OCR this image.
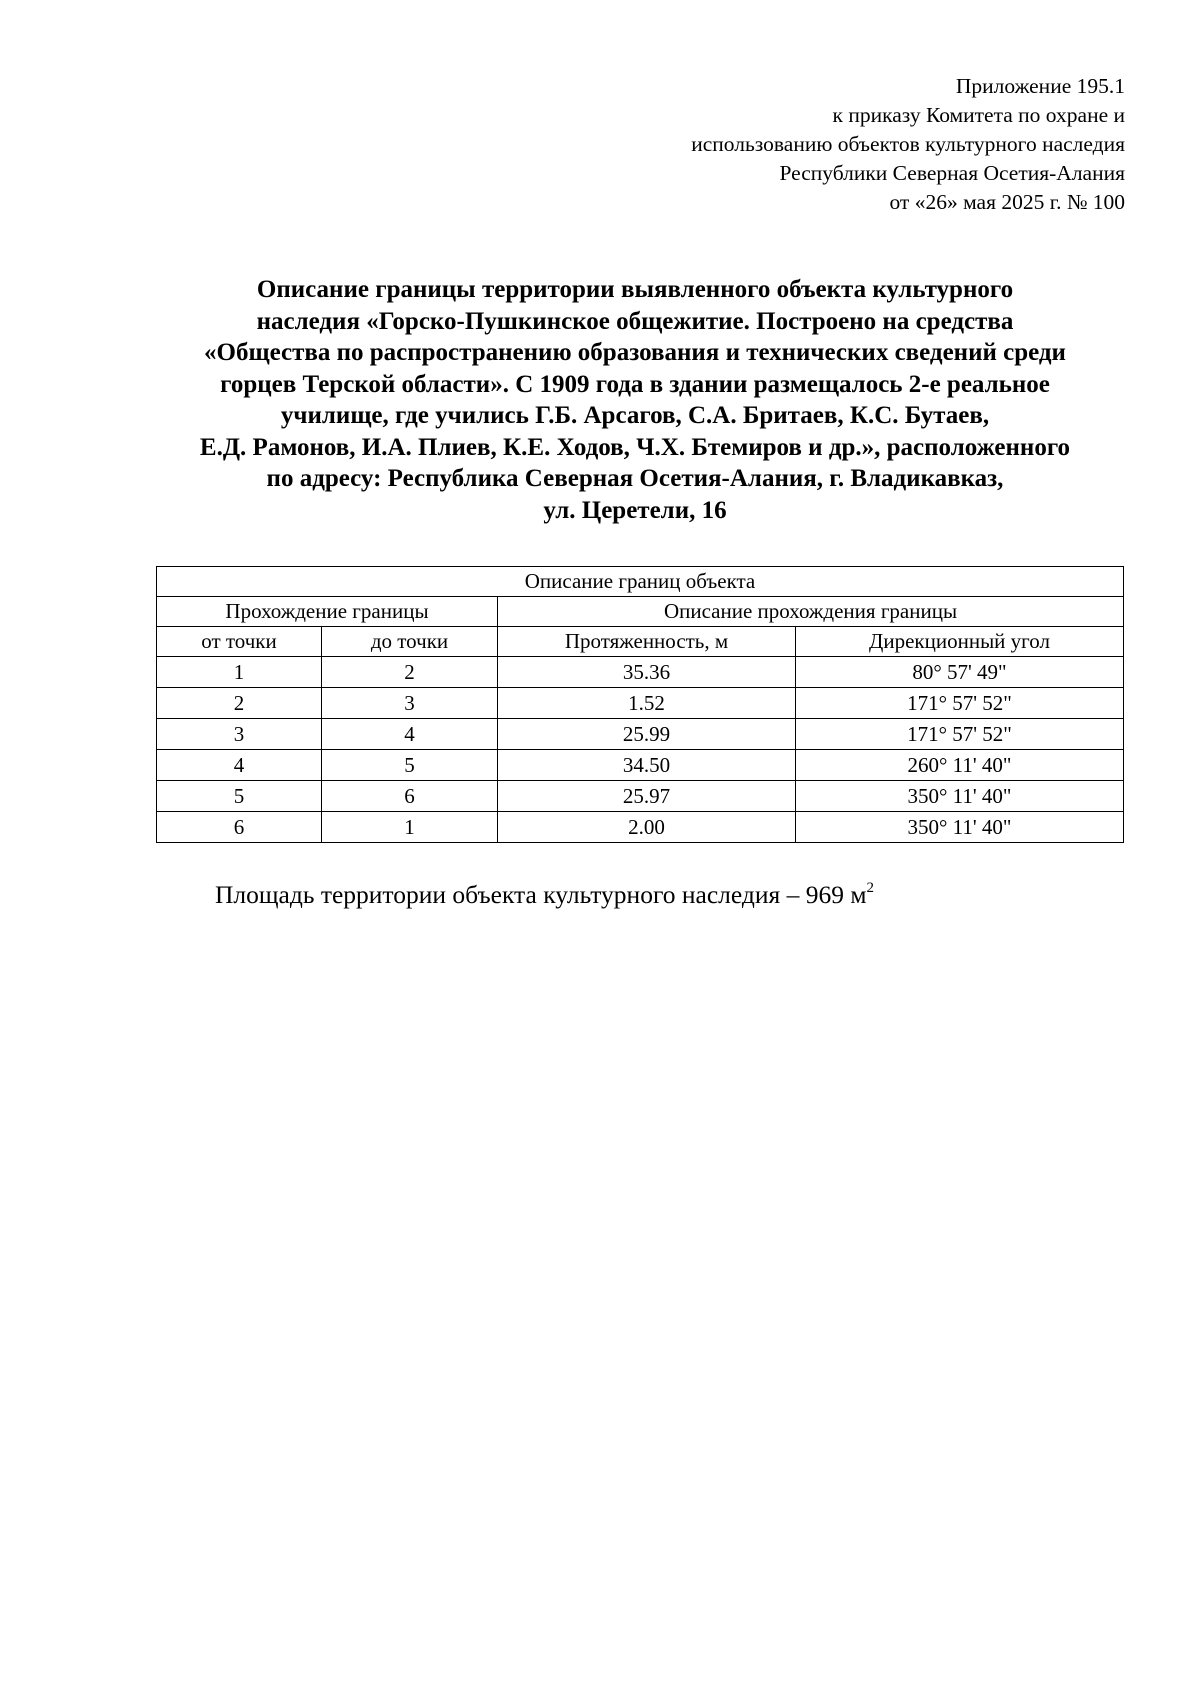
Приложение 195.1
к приказу Комитета по охране и
использованию объектов культурного наследия
Республики Северная Осетия-Алания
от «26» мая 2025 г. № 100
Описание границы территории выявленного объекта культурного
наследия «Горско-Пушкинское общежитие. Построено на средства
«Общества по распространению образования и технических сведений среди
горцев Терской области». С 1909 года в здании размещалось 2-е реальное
училище, где учились Г.Б. Арсагов, С.А. Бритаев, К.С. Бутаев,
Е.Д. Рамонов, И.А. Плиев, К.Е. Ходов, Ч.Х. Бтемиров и др.», расположенного
по адресу: Республика Северная Осетия-Алания, г. Владикавказ,
ул. Церетели, 16
Описание границ объекта			
Прохождение границы		Описание прохождения границы	
от точки	до точки	Протяженность, м	Дирекционный угол
1	2	35.36	80° 57' 49"
2	3	1.52	171° 57' 52"
3	4	25.99	171° 57' 52"
4	5	34.50	260° 11' 40"
5	6	25.97	350° 11' 40"
6	1	2.00	350° 11' 40"
Площадь территории объекта культурного наследия – 969 $м^2$
